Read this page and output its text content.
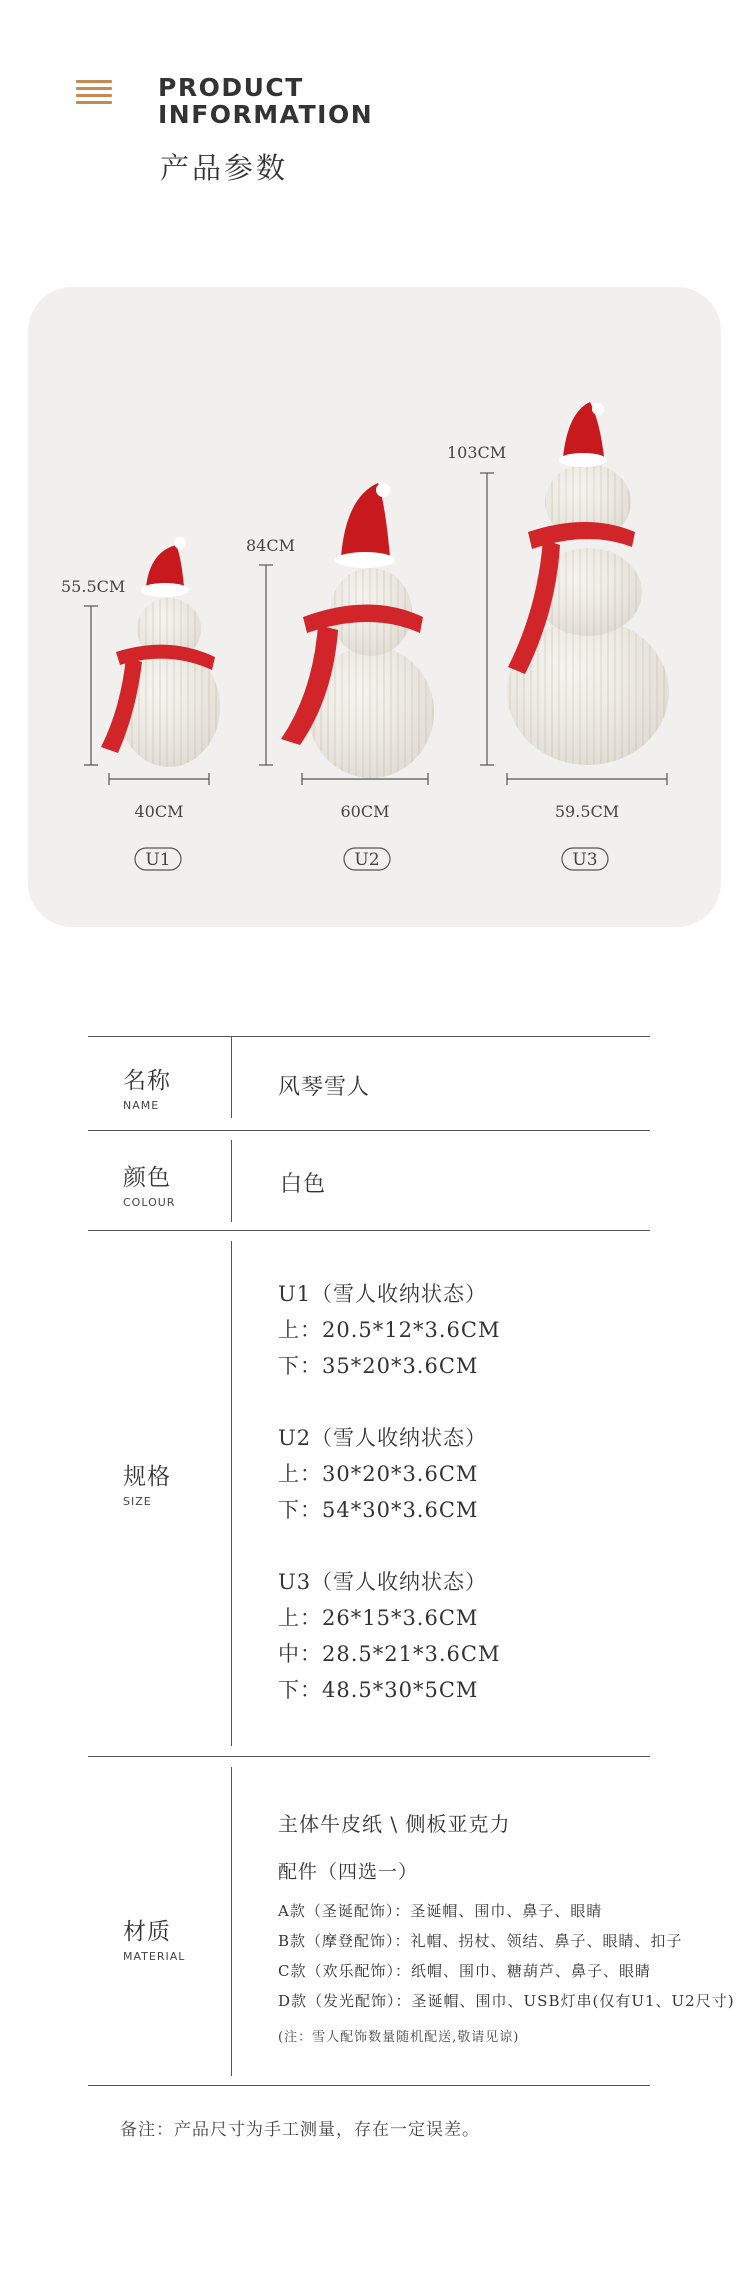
PRODUCT
INFORMATION
产品参数
55.5CM
40CM
U1
84CM
60CM
U2
103CM
59.5CM
U3
名称
NAME
风琴雪人
颜色
COLOUR
白色
规格
SIZE
U1（雪人收纳状态）
上：20.5*12*3.6CM
下：35*20*3.6CM
U2（雪人收纳状态）
上：30*20*3.6CM
下：54*30*3.6CM
U3（雪人收纳状态）
上：26*15*3.6CM
中：28.5*21*3.6CM
下：48.5*30*5CM
材质
MATERIAL
主体牛皮纸 \ 侧板亚克力
配件（四选一）
A款（圣诞配饰）：圣诞帽、围巾、鼻子、眼睛
B款（摩登配饰）：礼帽、拐杖、领结、鼻子、眼睛、扣子
C款（欢乐配饰）：纸帽、围巾、糖葫芦、鼻子、眼睛
D款（发光配饰）：圣诞帽、围巾、USB灯串(仅有U1、U2尺寸)
(注：雪人配饰数量随机配送,敬请见谅)
备注：产品尺寸为手工测量，存在一定误差。
